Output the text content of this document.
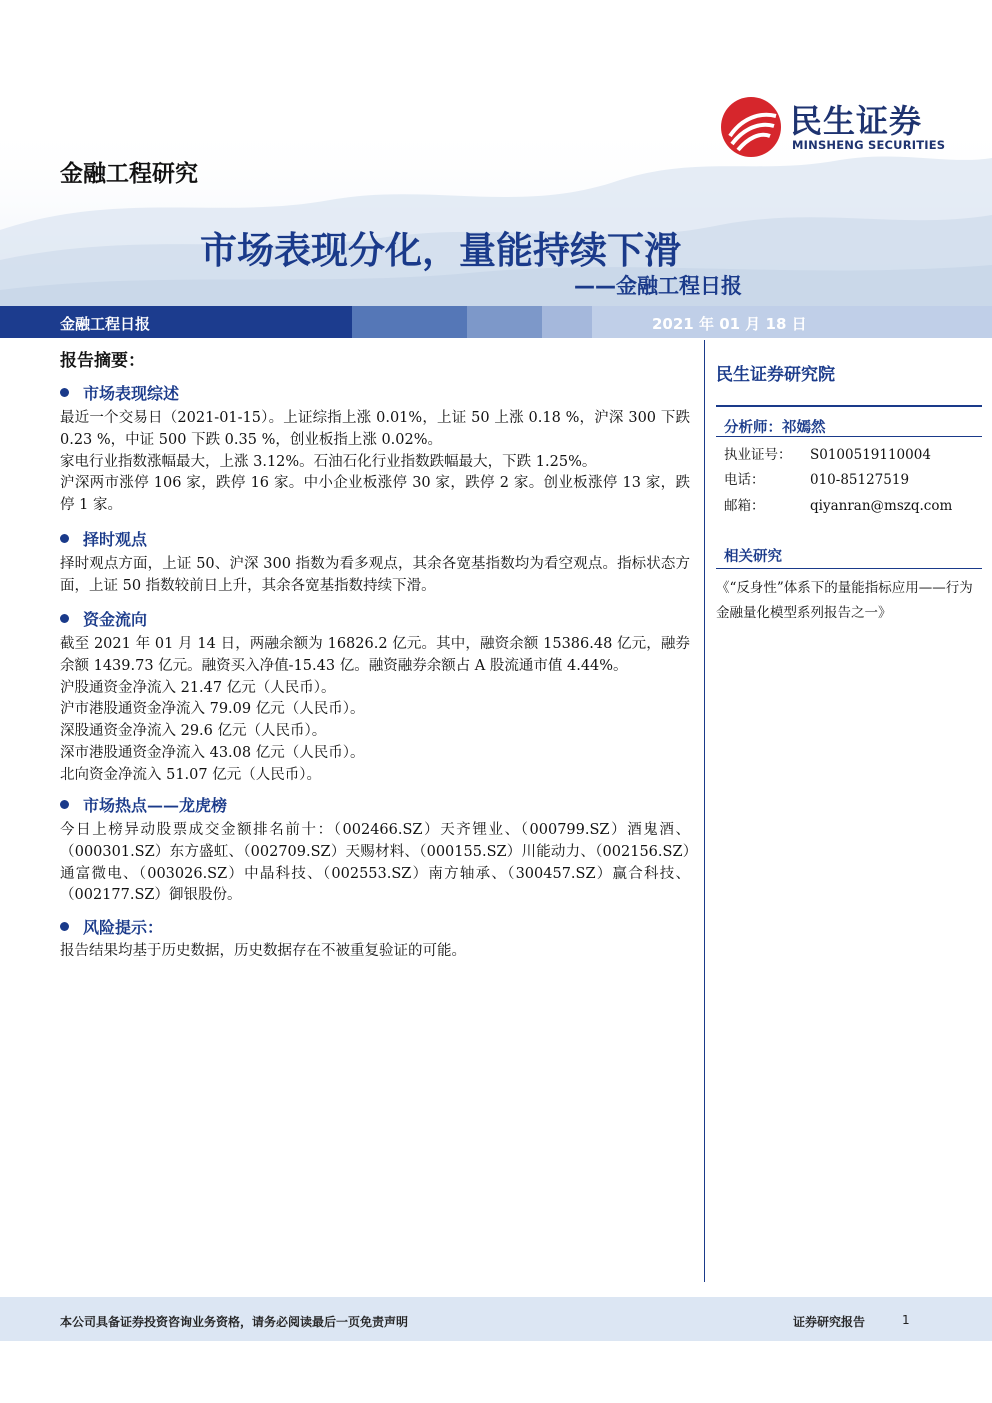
金融工程研究
民生证券
MINSHENG SECURITIES
市场表现分化，量能持续下滑
——金融工程日报
金融工程日报	2021 年 01 月 18 日
报告摘要：
市场表现综述

最近一个交易日（2021-01-15）。上证综指上涨 0.01%，上证 50 上涨 0.18 %，沪深 300 下跌 0.23 %，中证 500 下跌 0.35 %，创业板指上涨 0.02%。

家电行业指数涨幅最大，上涨 3.12%。石油石化行业指数跌幅最大，下跌 1.25%。

沪深两市涨停 106 家，跌停 16 家。中小企业板涨停 30 家，跌停 2 家。创业板涨停 13 家，跌停 1 家。

择时观点

择时观点方面，上证 50、沪深 300 指数为看多观点，其余各宽基指数均为看空观点。指标状态方面，上证 50 指数较前日上升，其余各宽基指数持续下滑。

资金流向

截至 2021 年 01 月 14 日，两融余额为 16826.2 亿元。其中，融资余额 15386.48 亿元，融券余额 1439.73 亿元。融资买入净值-15.43 亿。融资融券余额占 A 股流通市值 4.44%。

沪股通资金净流入 21.47 亿元（人民币）。

沪市港股通资金净流入 79.09 亿元（人民币）。

深股通资金净流入 29.6 亿元（人民币）。

深市港股通资金净流入 43.08 亿元（人民币）。

北向资金净流入 51.07 亿元（人民币）。

市场热点——龙虎榜

今日上榜异动股票成交金额排名前十：（002466.SZ）天齐锂业、（000799.SZ）酒鬼酒、（000301.SZ）东方盛虹、（002709.SZ）天赐材料、（000155.SZ）川能动力、（002156.SZ）通富微电、（003026.SZ）中晶科技、（002553.SZ）南方轴承、（300457.SZ）赢合科技、（002177.SZ）御银股份。

风险提示：

报告结果均基于历史数据，历史数据存在不被重复验证的可能。

民生证券研究院
分析师：祁嫣然
执业证号： S0100519110004
电话：	010-85127519
邮箱：	qiyanran@mszq.com
相关研究
《“反身性”体系下的量能指标应用——行为金融量化模型系列报告之一》
本公司具备证券投资咨询业务资格，请务必阅读最后一页免责声明	证券研究报告	1
